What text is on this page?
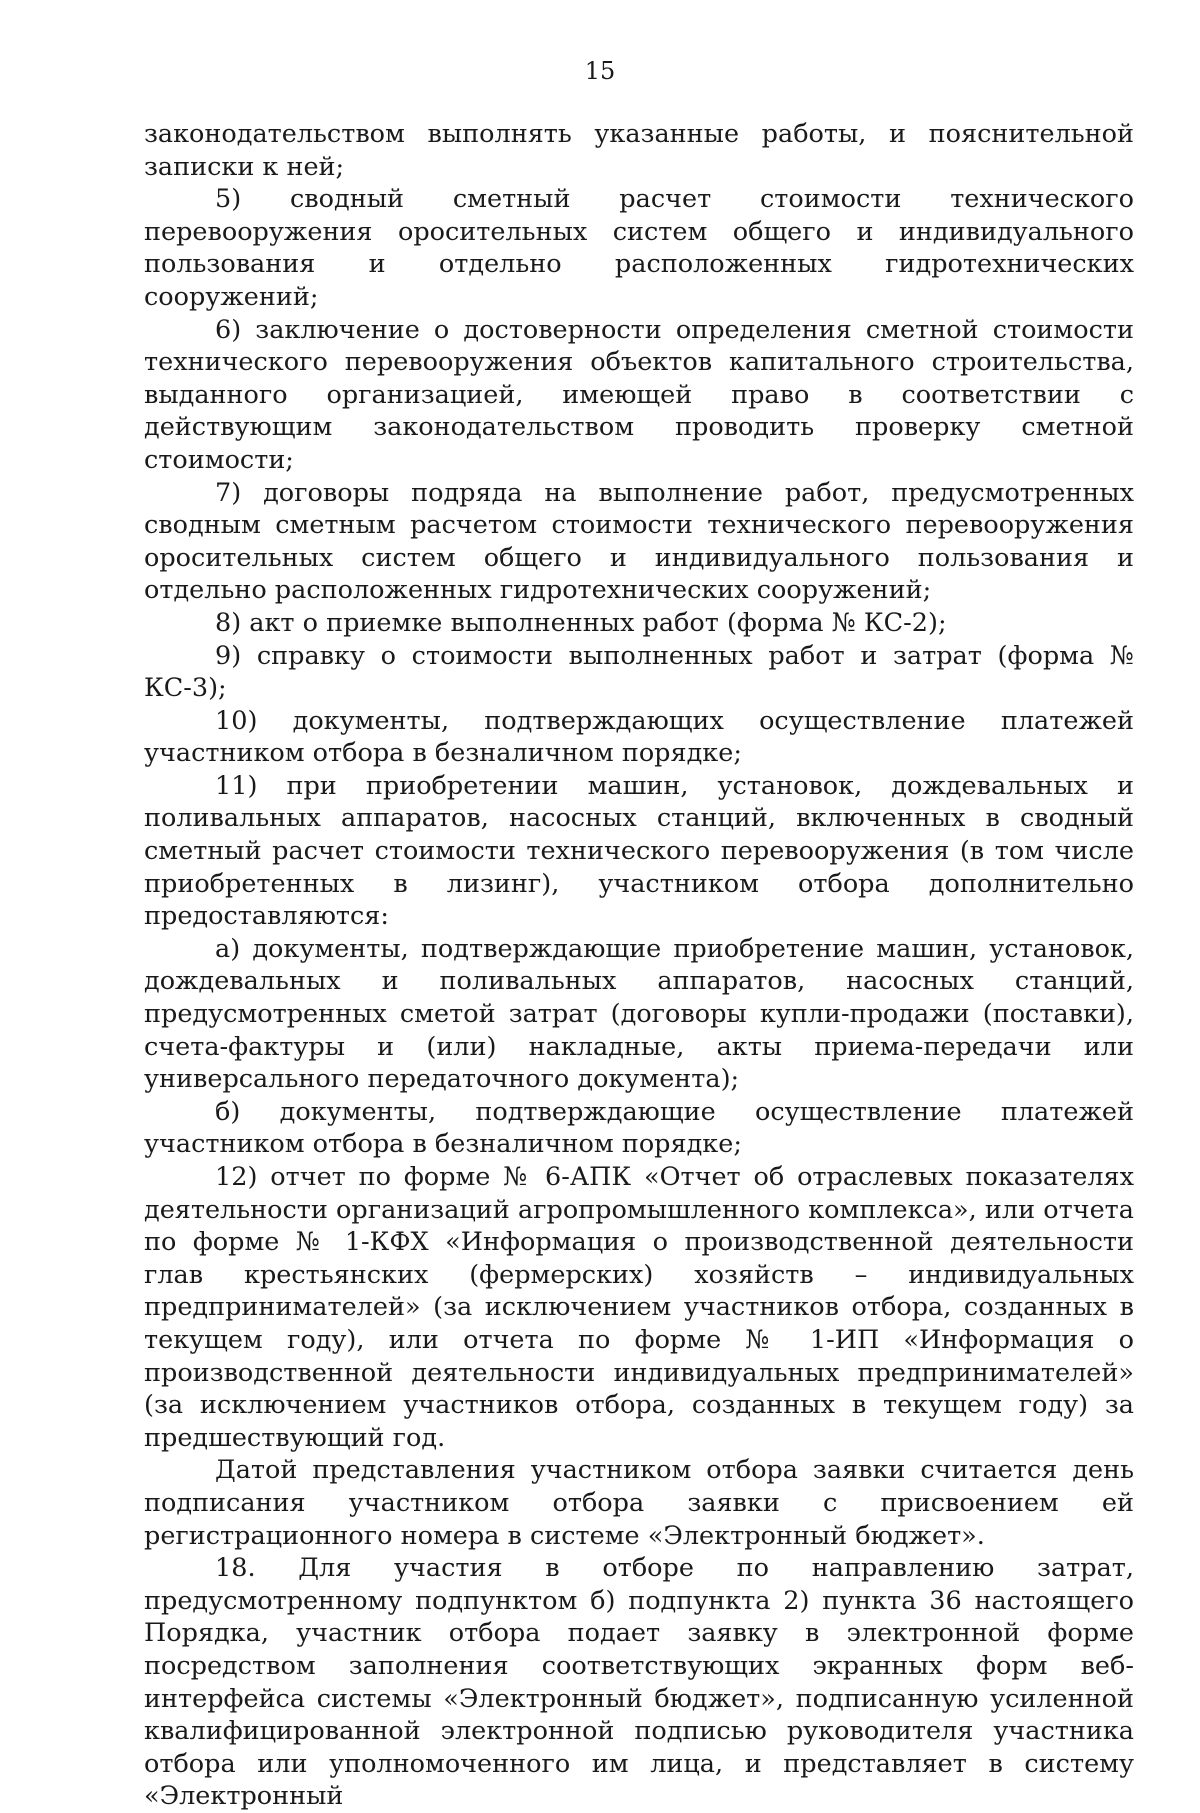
15

законодательством выполнять указанные работы, и пояснительной записки к ней;

5) сводный сметный расчет стоимости технического перевооружения оросительных систем общего и индивидуального пользования и отдельно расположенных гидротехнических сооружений;

6) заключение о достоверности определения сметной стоимости технического перевооружения объектов капитального строительства, выданного организацией, имеющей право в соответствии с действующим законодательством проводить проверку сметной стоимости;

7) договоры подряда на выполнение работ, предусмотренных сводным сметным расчетом стоимости технического перевооружения оросительных систем общего и индивидуального пользования и отдельно расположенных гидротехнических сооружений;

8) акт о приемке выполненных работ (форма № КС-2);

9) справку о стоимости выполненных работ и затрат (форма № КС-3);

10) документы, подтверждающих осуществление платежей участником отбора в безналичном порядке;

11) при приобретении машин, установок, дождевальных и поливальных аппаратов, насосных станций, включенных в сводный сметный расчет стоимости технического перевооружения (в том числе приобретенных в лизинг), участником отбора дополнительно предоставляются:

а) документы, подтверждающие приобретение машин, установок, дождевальных и поливальных аппаратов, насосных станций, предусмотренных сметой затрат (договоры купли-продажи (поставки), счета-фактуры и (или) накладные, акты приема-передачи или универсального передаточного документа);

б) документы, подтверждающие осуществление платежей участником отбора в безналичном порядке;

12) отчет по форме № 6-АПК «Отчет об отраслевых показателях деятельности организаций агропромышленного комплекса», или отчета по форме № 1-КФХ «Информация о производственной деятельности глав крестьянских (фермерских) хозяйств – индивидуальных предпринимателей» (за исключением участников отбора, созданных в текущем году), или отчета по форме № 1-ИП «Информация о производственной деятельности индивидуальных предпринимателей» (за исключением участников отбора, созданных в текущем году) за предшествующий год.

Датой представления участником отбора заявки считается день подписания участником отбора заявки с присвоением ей регистрационного номера в системе «Электронный бюджет».

18. Для участия в отборе по направлению затрат, предусмотренному подпунктом б) подпункта 2) пункта 36 настоящего Порядка, участник отбора подает заявку в электронной форме посредством заполнения соответствующих экранных форм веб-интерфейса системы «Электронный бюджет», подписанную усиленной квалифицированной электронной подписью руководителя участника отбора или уполномоченного им лица, и представляет в систему «Электронный
